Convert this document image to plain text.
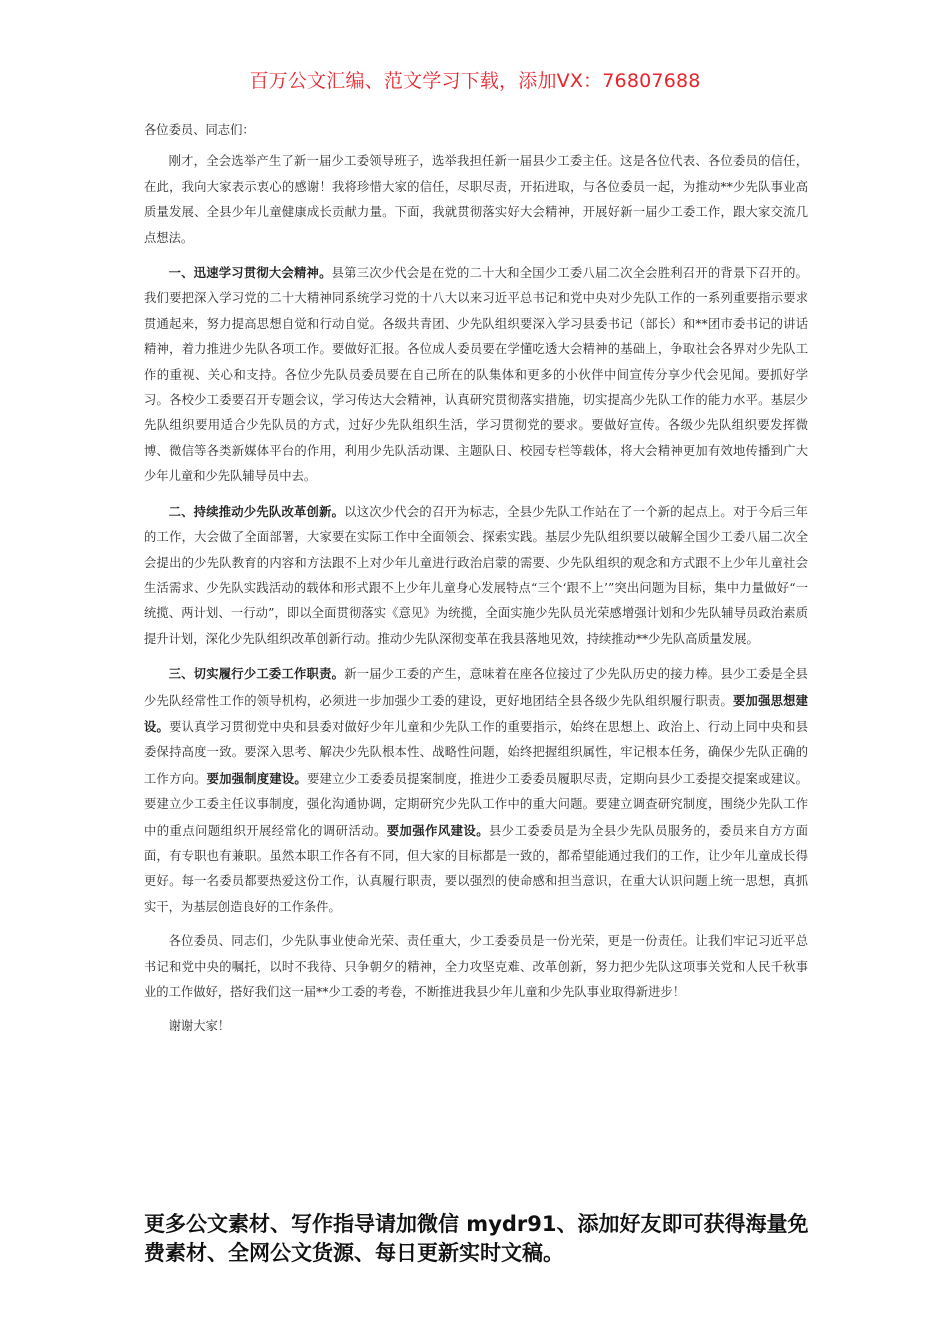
百万公文汇编、范文学习下载，添加VX：76807688

各位委员、同志们：

刚才，全会选举产生了新一届少工委领导班子，选举我担任新一届县少工委主任。这是各位代表、各位委员的信任，在此，我向大家表示衷心的感谢！我将珍惜大家的信任，尽职尽责，开拓进取，与各位委员一起，为推动**少先队事业高质量发展、全县少年儿童健康成长贡献力量。下面，我就贯彻落实好大会精神，开展好新一届少工委工作，跟大家交流几点想法。

一、迅速学习贯彻大会精神。县第三次少代会是在党的二十大和全国少工委八届二次全会胜利召开的背景下召开的。我们要把深入学习党的二十大精神同系统学习党的十八大以来习近平总书记和党中央对少先队工作的一系列重要指示要求贯通起来，努力提高思想自觉和行动自觉。各级共青团、少先队组织要深入学习县委书记（部长）和**团市委书记的讲话精神，着力推进少先队各项工作。要做好汇报。各位成人委员要在学懂吃透大会精神的基础上，争取社会各界对少先队工作的重视、关心和支持。各位少先队员委员要在自己所在的队集体和更多的小伙伴中间宣传分享少代会见闻。要抓好学习。各校少工委要召开专题会议，学习传达大会精神，认真研究贯彻落实措施，切实提高少先队工作的能力水平。基层少先队组织要用适合少先队员的方式，过好少先队组织生活，学习贯彻党的要求。要做好宣传。各级少先队组织要发挥微博、微信等各类新媒体平台的作用，利用少先队活动课、主题队日、校园专栏等载体，将大会精神更加有效地传播到广大少年儿童和少先队辅导员中去。

二、持续推动少先队改革创新。以这次少代会的召开为标志，全县少先队工作站在了一个新的起点上。对于今后三年的工作，大会做了全面部署，大家要在实际工作中全面领会、探索实践。基层少先队组织要以破解全国少工委八届二次全会提出的少先队教育的内容和方法跟不上对少年儿童进行政治启蒙的需要、少先队组织的观念和方式跟不上少年儿童社会生活需求、少先队实践活动的载体和形式跟不上少年儿童身心发展特点“三个‘跟不上’”突出问题为目标，集中力量做好“一统揽、两计划、一行动”，即以全面贯彻落实《意见》为统揽，全面实施少先队员光荣感增强计划和少先队辅导员政治素质提升计划，深化少先队组织改革创新行动。推动少先队深彻变革在我县落地见效，持续推动**少先队高质量发展。

三、切实履行少工委工作职责。新一届少工委的产生，意味着在座各位接过了少先队历史的接力棒。县少工委是全县少先队经常性工作的领导机构，必须进一步加强少工委的建设，更好地团结全县各级少先队组织履行职责。要加强思想建设。要认真学习贯彻党中央和县委对做好少年儿童和少先队工作的重要指示，始终在思想上、政治上、行动上同中央和县委保持高度一致。要深入思考、解决少先队根本性、战略性问题，始终把握组织属性，牢记根本任务，确保少先队正确的工作方向。要加强制度建设。要建立少工委委员提案制度，推进少工委委员履职尽责，定期向县少工委提交提案或建议。要建立少工委主任议事制度，强化沟通协调，定期研究少先队工作中的重大问题。要建立调查研究制度，围绕少先队工作中的重点问题组织开展经常化的调研活动。要加强作风建设。县少工委委员是为全县少先队员服务的，委员来自方方面面，有专职也有兼职。虽然本职工作各有不同，但大家的目标都是一致的，都希望能通过我们的工作，让少年儿童成长得更好。每一名委员都要热爱这份工作，认真履行职责，要以强烈的使命感和担当意识，在重大认识问题上统一思想，真抓实干，为基层创造良好的工作条件。

各位委员、同志们，少先队事业使命光荣、责任重大，少工委委员是一份光荣，更是一份责任。让我们牢记习近平总书记和党中央的嘱托，以时不我待、只争朝夕的精神，全力攻坚克难、改革创新，努力把少先队这项事关党和人民千秋事业的工作做好，搭好我们这一届**少工委的考卷，不断推进我县少年儿童和少先队事业取得新进步！

谢谢大家！

更多公文素材、写作指导请加微信 mydr91、添加好友即可获得海量免费素材、全网公文货源、每日更新实时文稿。
